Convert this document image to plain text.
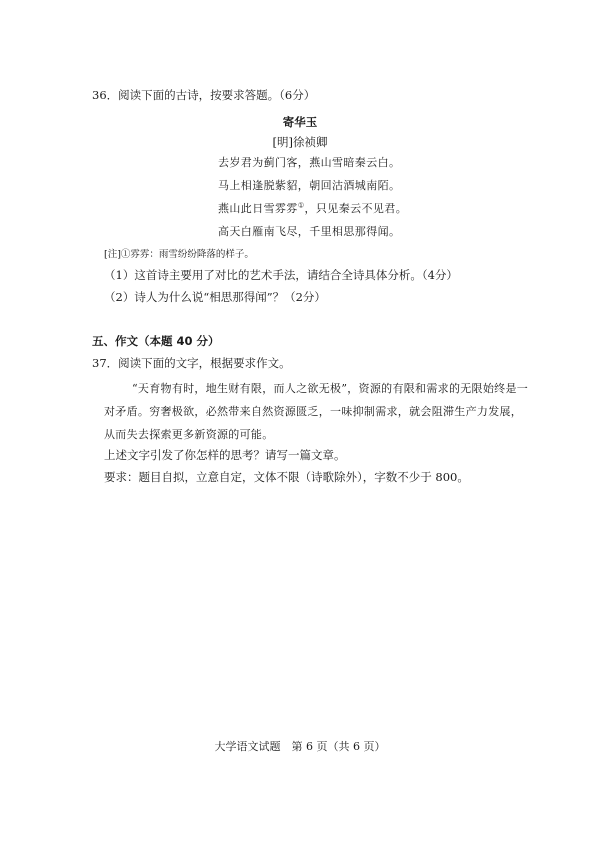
36．阅读下面的古诗，按要求答题。（6分）
寄华玉
[明]徐祯卿
去岁君为蓟门客，燕山雪暗秦云白。
马上相逢脱紫貂，朝回沽酒城南陌。
燕山此日雪雰雰①，只见秦云不见君。
高天白雁南飞尽，千里相思那得闻。
[注]①雰雰：雨雪纷纷降落的样子。
（1）这首诗主要用了对比的艺术手法，请结合全诗具体分析。（4分）
（2）诗人为什么说“相思那得闻”？（2分）
五、作文（本题 40 分）
37．阅读下面的文字，根据要求作文。
“天育物有时，地生财有限，而人之欲无极”，资源的有限和需求的无限始终是一
对矛盾。穷奢极欲，必然带来自然资源匮乏，一味抑制需求，就会阻滞生产力发展，
从而失去探索更多新资源的可能。
上述文字引发了你怎样的思考？请写一篇文章。
要求：题目自拟，立意自定，文体不限（诗歌除外），字数不少于 800。
大学语文试题　第 6 页（共 6 页）
